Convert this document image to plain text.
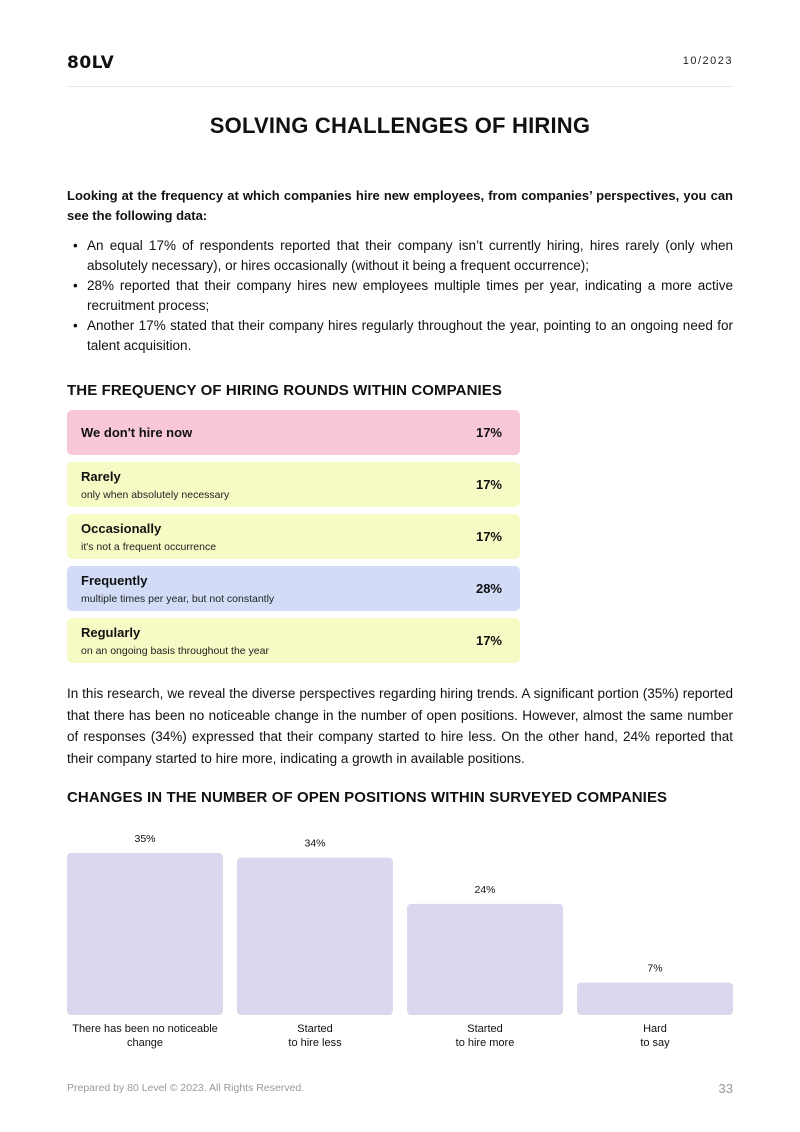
80LV	10/2023
SOLVING CHALLENGES OF HIRING
Looking at the frequency at which companies hire new employees, from companies’ perspectives, you can see the following data:
• An equal 17% of respondents reported that their company isn’t currently hiring, hires rarely (only when absolutely necessary), or hires occasionally (without it being a frequent occurrence);
• 28% reported that their company hires new employees multiple times per year, indicating a more active recruitment process;
• Another 17% stated that their company hires regularly throughout the year, pointing to an ongoing need for talent acquisition.
THE FREQUENCY OF HIRING ROUNDS WITHIN COMPANIES
We don't hire now	17%
Rarely
only when absolutely necessary
17%
Occasionally
it's not a frequent occurrence
17%
Frequently
multiple times per year, but not constantly
28%
Regularly
on an ongoing basis throughout the year
17%
In this research, we reveal the diverse perspectives regarding hiring trends. A significant portion (35%) reported that there has been no noticeable change in the number of open positions. However, almost the same number of responses (34%) expressed that their company started to hire less. On the other hand, 24% reported that their company started to hire more, indicating a growth in available positions.
CHANGES IN THE NUMBER OF OPEN POSITIONS WITHIN SURVEYED COMPANIES
35%
There has been no noticeable
change
34%
Started
to hire less
24%
Started
to hire more
7%
Hard
to say
Prepared by 80 Level © 2023. All Rights Reserved.	33
